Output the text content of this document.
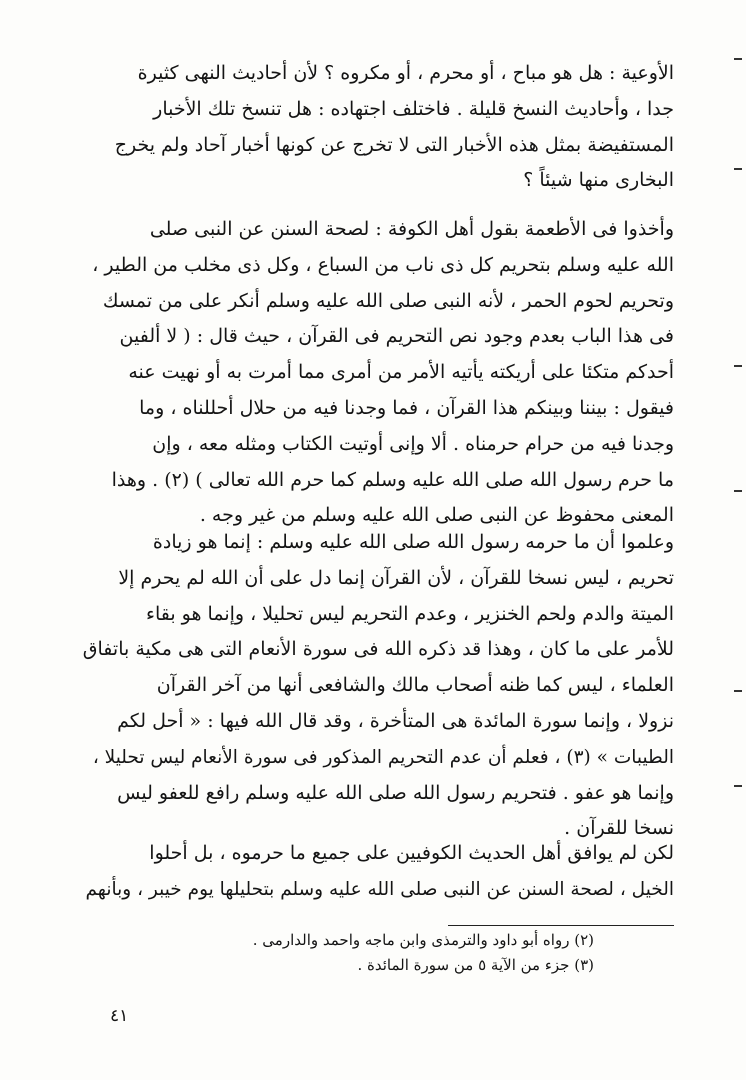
الأوعية : هل هو مباح ، أو محرم ، أو مكروه ؟ لأن أحاديث النهى كثيرة
جدا ، وأحاديث النسخ قليلة . فاختلف اجتهاده : هل تنسخ تلك الأخبار
المستفيضة بمثل هذه الأخبار التى لا تخرج عن كونها أخبار آحاد ولم يخرج
البخارى منها شيئاً ؟
وأخذوا فى الأطعمة بقول أهل الكوفة : لصحة السنن عن النبى صلى
الله عليه وسلم بتحريم كل ذى ناب من السباع ، وكل ذى مخلب من الطير ،
وتحريم لحوم الحمر ، لأنه النبى صلى الله عليه وسلم أنكر على من تمسك
فى هذا الباب بعدم وجود نص التحريم فى القرآن ، حيث قال : ( لا ألفين
أحدكم متكئا على أريكته يأتيه الأمر من أمرى مما أمرت به أو نهيت عنه
فيقول : بيننا وبينكم هذا القرآن ، فما وجدنا فيه من حلال أحللناه ، وما
وجدنا فيه من حرام حرمناه . ألا وإنى أوتيت الكتاب ومثله معه ، وإن
ما حرم رسول الله صلى الله عليه وسلم كما حرم الله تعالى ) (٢) . وهذا
المعنى محفوظ عن النبى صلى الله عليه وسلم من غير وجه .
وعلموا أن ما حرمه رسول الله صلى الله عليه وسلم : إنما هو زيادة
تحريم ، ليس نسخا للقرآن ، لأن القرآن إنما دل على أن الله لم يحرم إلا
الميتة والدم ولحم الخنزير ، وعدم التحريم ليس تحليلا ، وإنما هو بقاء
للأمر على ما كان ، وهذا قد ذكره الله فى سورة الأنعام التى هى مكية باتفاق
العلماء ، ليس كما ظنه أصحاب مالك والشافعى أنها من آخر القرآن
نزولا ، وإنما سورة المائدة هى المتأخرة ، وقد قال الله فيها : « أحل لكم
الطيبات » (٣) ، فعلم أن عدم التحريم المذكور فى سورة الأنعام ليس تحليلا ،
وإنما هو عفو . فتحريم رسول الله صلى الله عليه وسلم رافع للعفو ليس
نسخا للقرآن .
لكن لم يوافق أهل الحديث الكوفيين على جميع ما حرموه ، بل أحلوا
الخيل ، لصحة السنن عن النبى صلى الله عليه وسلم بتحليلها يوم خيبر ، وبأنهم
(٢) رواه أبو داود والترمذى وابن ماجه واحمد والدارمى .
(٣) جزء من الآية ٥ من سورة المائدة .
٤١
